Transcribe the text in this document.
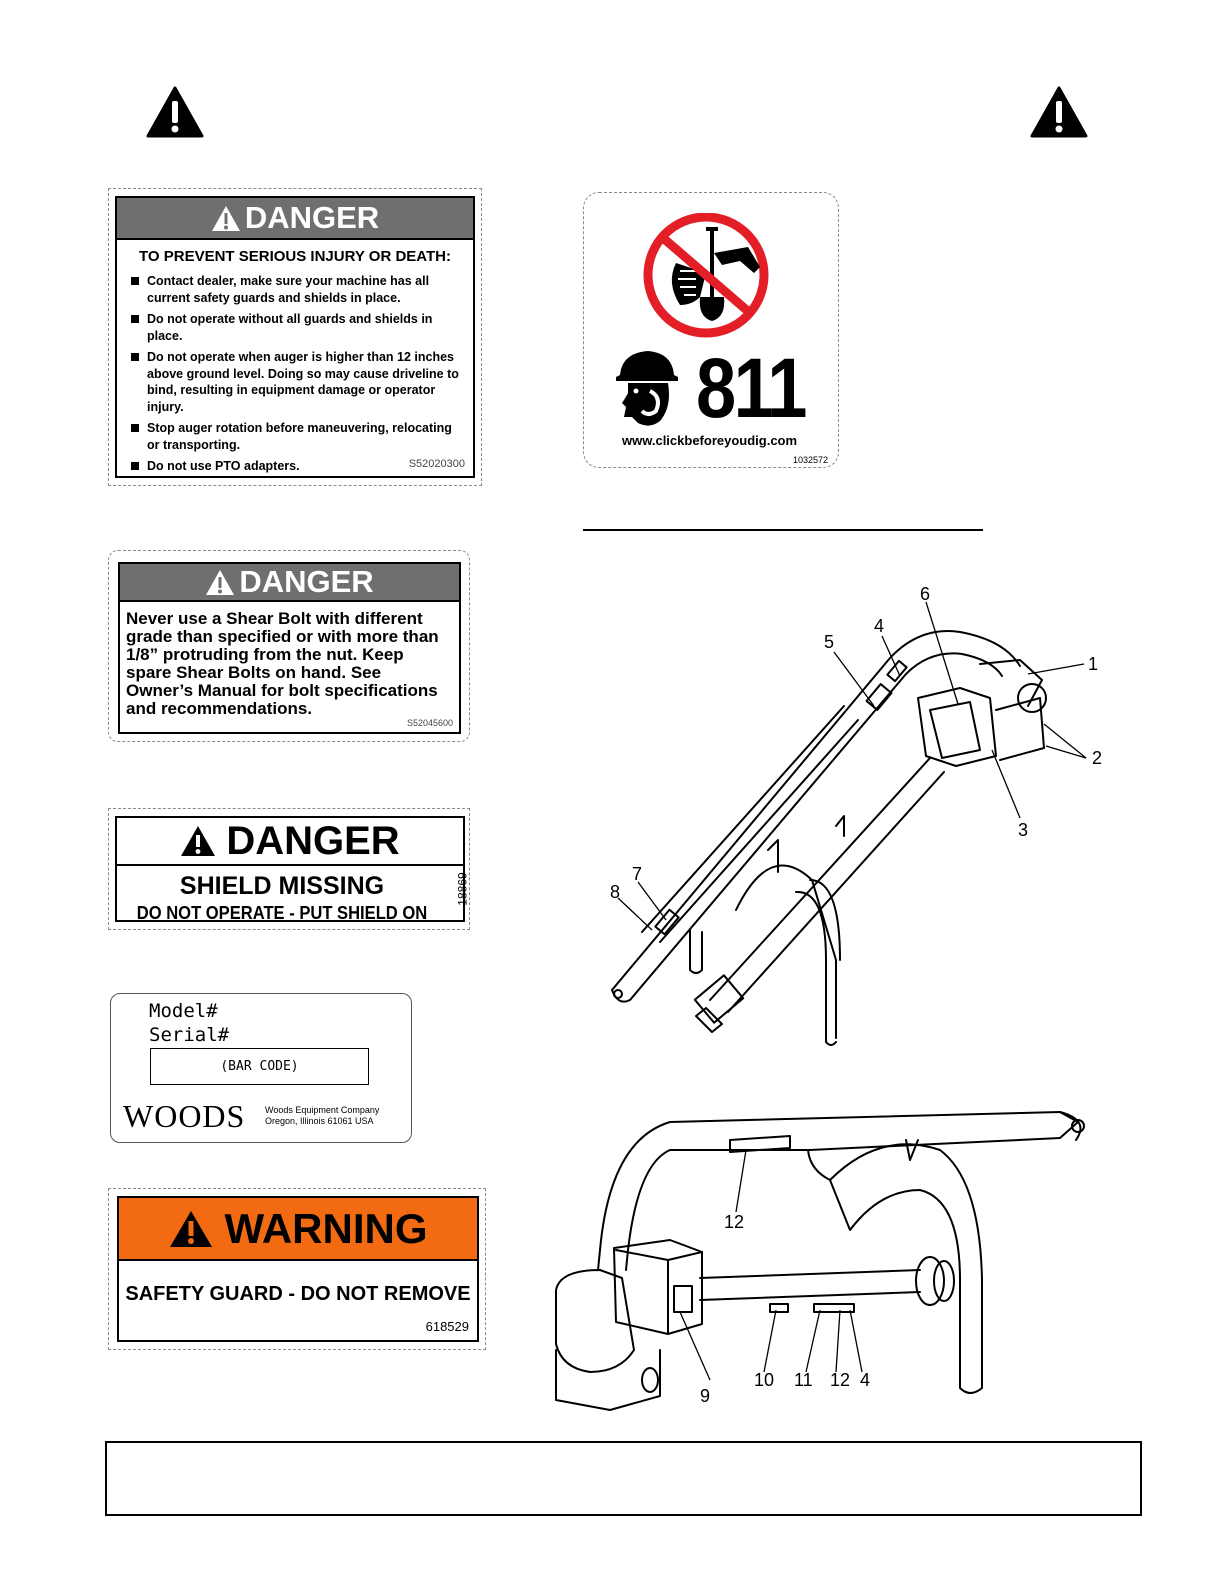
DANGER
TO PREVENT SERIOUS INJURY OR DEATH:
Contact dealer, make sure your machine has all current safety guards and shields in place.
Do not operate without all guards and shields in place.
Do not operate when auger is higher than 12 inches above ground level. Doing so may cause driveline to bind, resulting in equipment damage or operator injury.
Stop auger rotation before maneuvering, relocating or transporting.
Do not use PTO adapters.	S52020300
811
www.clickbeforeyoudig.com
1032572
DANGER
Never use a Shear Bolt with different grade than specified or with more than 1/8” protruding from the nut. Keep spare Shear Bolts on hand. See Owner’s Manual for bolt specifications and recommendations.
S52045600
DANGER
SHIELD MISSING
DO NOT OPERATE - PUT SHIELD ON
18869
Model#
Serial#
(BAR CODE)
WOODS Woods Equipment Company
Oregon, Illinois 61061 USA
WARNING
SAFETY GUARD - DO NOT REMOVE
618529
1
2
3
4
5
6
7
8
12
9
10 11 12 4
